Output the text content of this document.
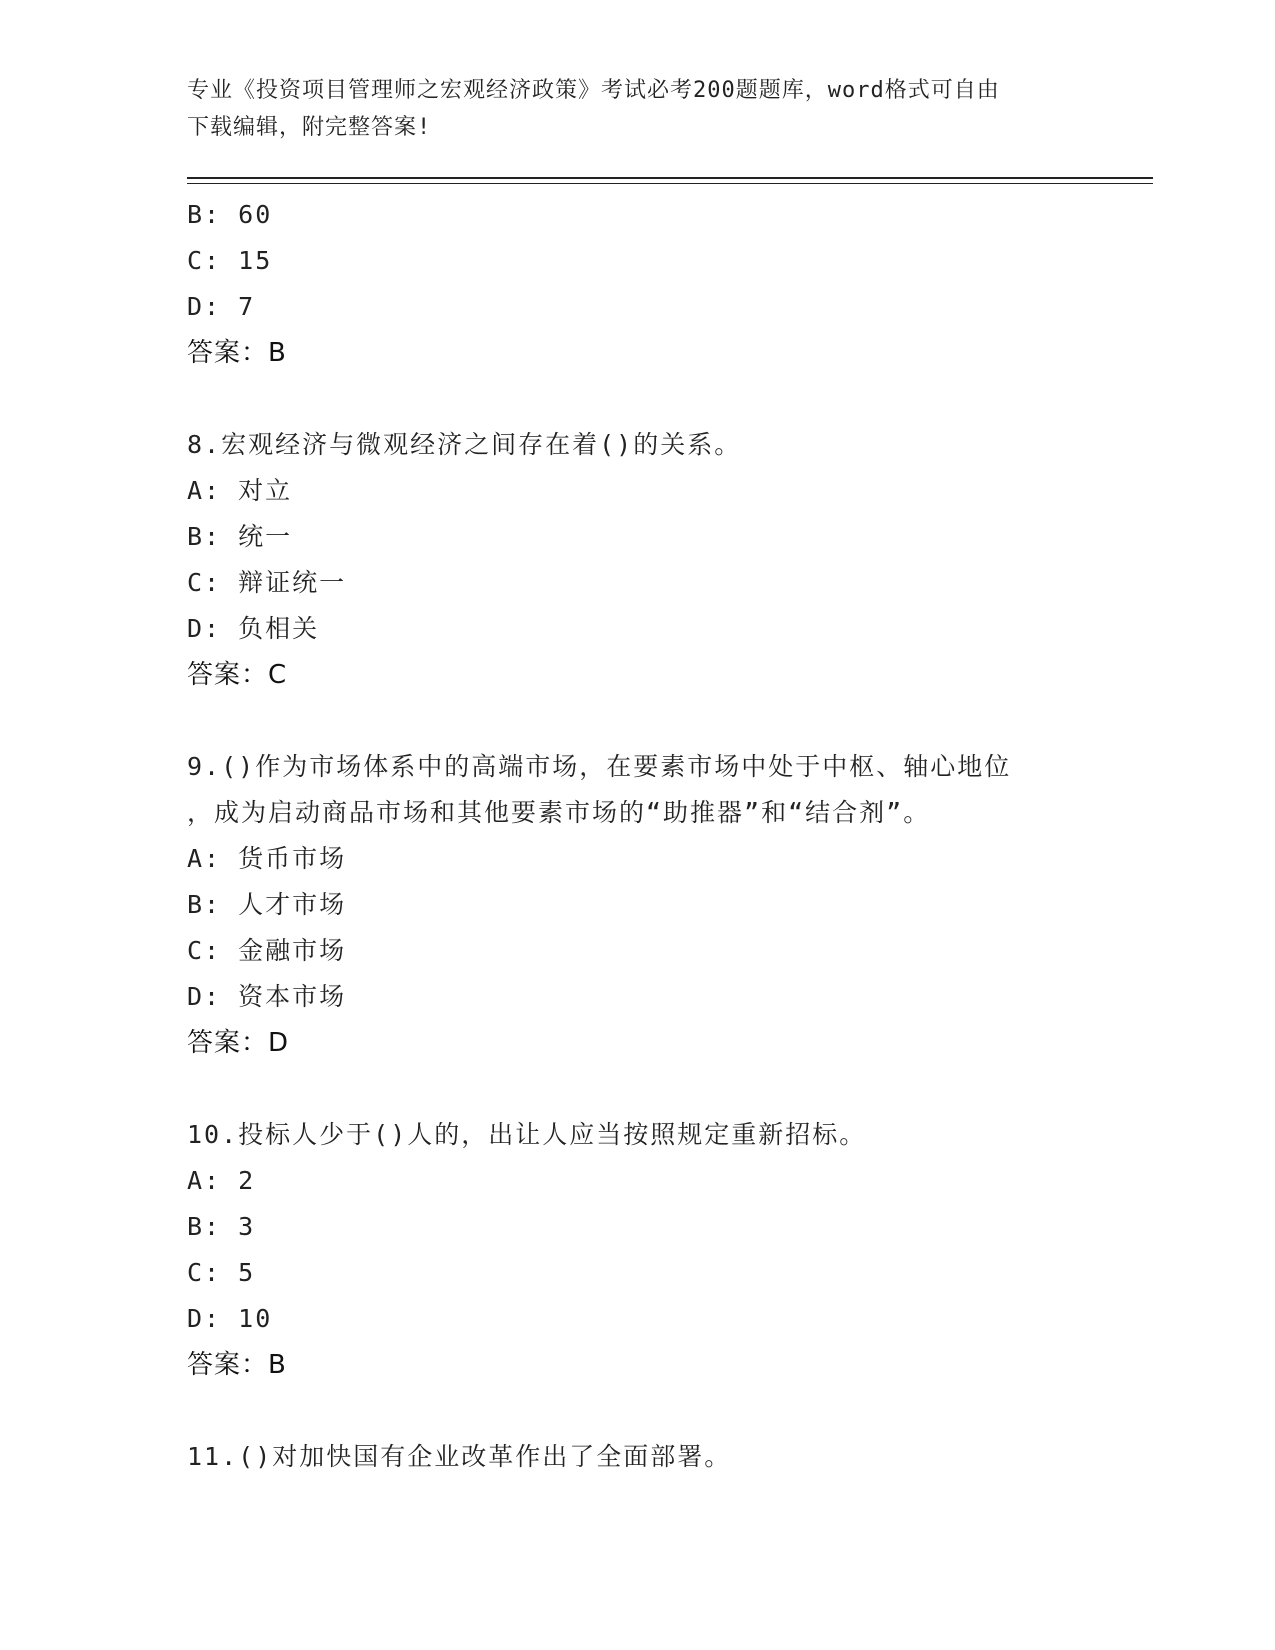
专业《投资项目管理师之宏观经济政策》考试必考200题题库，word格式可自由
下载编辑，附完整答案!
B: 60
C: 15
D: 7
答案：B
8.宏观经济与微观经济之间存在着()的关系。
A: 对立
B: 统一
C: 辩证统一
D: 负相关
答案：C
9.()作为市场体系中的高端市场，在要素市场中处于中枢、轴心地位
，成为启动商品市场和其他要素市场的“助推器”和“结合剂”。
A: 货币市场
B: 人才市场
C: 金融市场
D: 资本市场
答案：D
10.投标人少于()人的，出让人应当按照规定重新招标。
A: 2
B: 3
C: 5
D: 10
答案：B
11.()对加快国有企业改革作出了全面部署。
